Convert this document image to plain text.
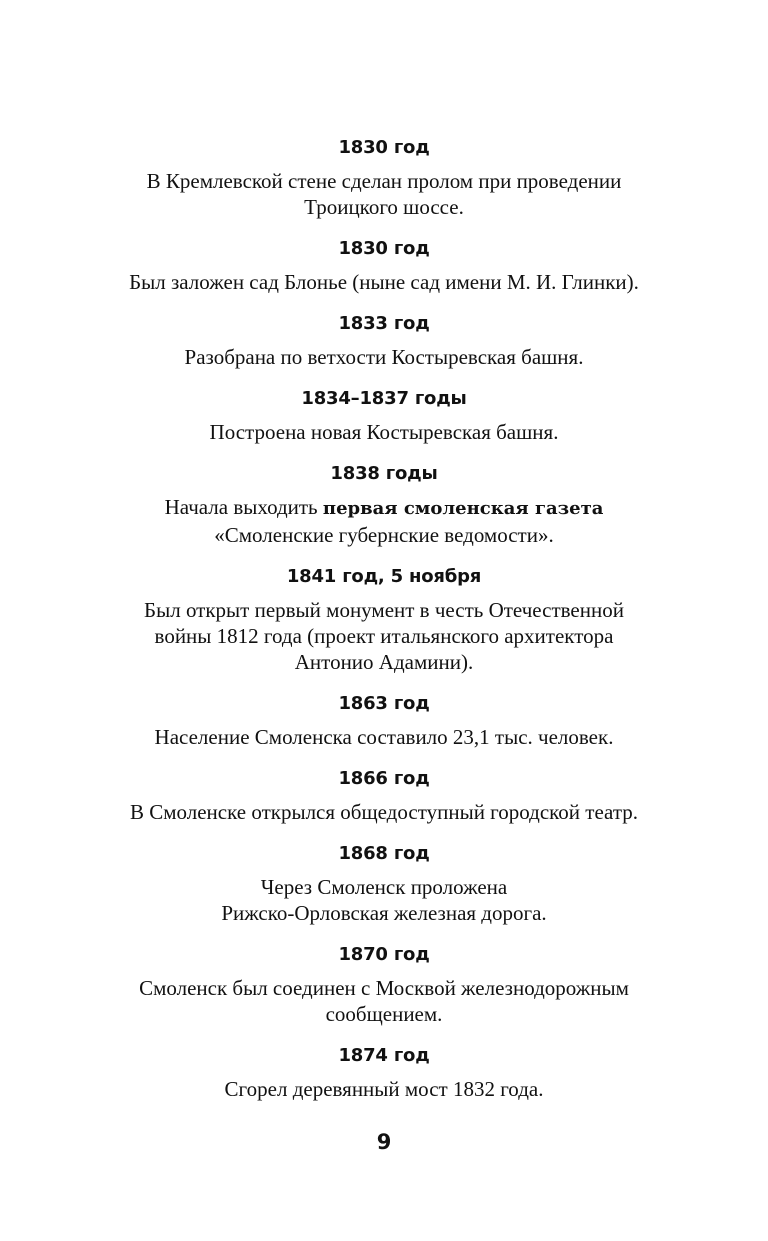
1830 год
В Кремлевской стене сделан пролом при проведении
Троицкого шоссе.
1830 год
Был заложен сад Блонье (ныне сад имени М. И. Глинки).
1833 год
Разобрана по ветхости Костыревская башня.
1834–1837 годы
Построена новая Костыревская башня.
1838 годы
Начала выходить первая смоленская газета
«Смоленские губернские ведомости».
1841 год, 5 ноября
Был открыт первый монумент в честь Отечественной
войны 1812 года (проект итальянского архитектора
Антонио Адамини).
1863 год
Население Смоленска составило 23,1 тыс. человек.
1866 год
В Смоленске открылся общедоступный городской театр.
1868 год
Через Смоленск проложена
Рижско-Орловская железная дорога.
1870 год
Смоленск был соединен с Москвой железнодорожным
сообщением.
1874 год
Сгорел деревянный мост 1832 года.
9
